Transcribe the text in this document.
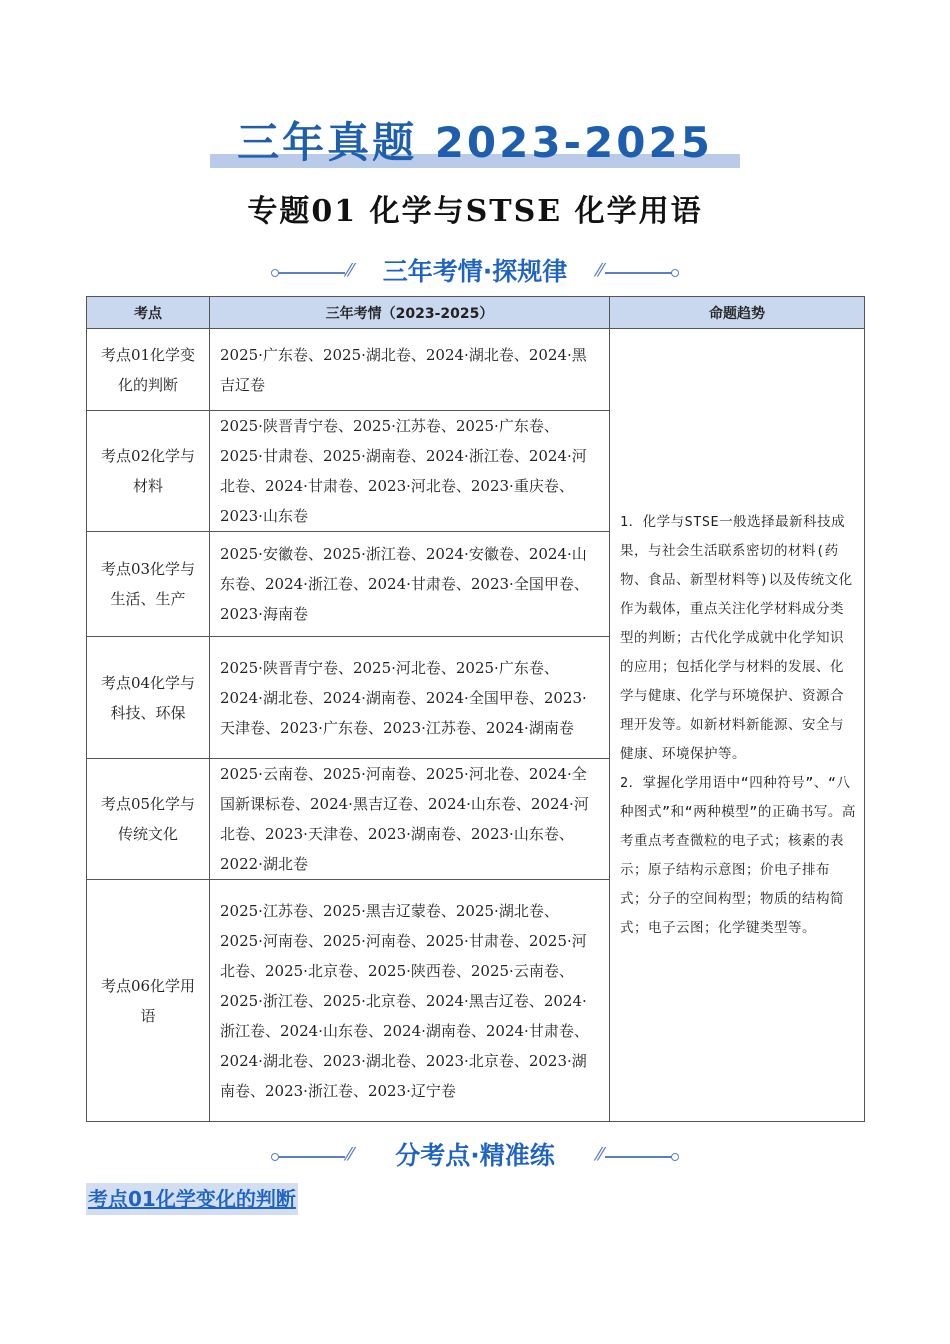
三年真题 2023-2025
专题01 化学与STSE 化学用语
⁄⁄	三年考情·探规律	⁄⁄
考点	三年考情（2023-2025）	命题趋势
考点01化学变化的判断	2025·广东卷、2025·湖北卷、2024·湖北卷、2024·黑吉辽卷	1．化学与STSE一般选择最新科技成果，与社会生活联系密切的材料(药物、食品、新型材料等)以及传统文化作为载体，重点关注化学材料成分类型的判断；古代化学成就中化学知识的应用；包括化学与材料的发展、化学与健康、化学与环境保护、资源合理开发等。如新材料新能源、安全与健康、环境保护等。
2．掌握化学用语中“四种符号”、“八种图式”和“两种模型”的正确书写。高考重点考查微粒的电子式；核素的表示；原子结构示意图；价电子排布式；分子的空间构型；物质的结构简式；电子云图；化学键类型等。

考点02化学与材料	2025·陕晋青宁卷、2025·江苏卷、2025·广东卷、2025·甘肃卷、2025·湖南卷、2024·浙江卷、2024·河北卷、2024·甘肃卷、2023·河北卷、2023·重庆卷、2023·山东卷	
考点03化学与生活、生产	2025·安徽卷、2025·浙江卷、2024·安徽卷、2024·山东卷、2024·浙江卷、2024·甘肃卷、2023·全国甲卷、2023·海南卷	
考点04化学与科技、环保	2025·陕晋青宁卷、2025·河北卷、2025·广东卷、2024·湖北卷、2024·湖南卷、2024·全国甲卷、2023·天津卷、2023·广东卷、2023·江苏卷、2024·湖南卷	
考点05化学与传统文化	2025·云南卷、2025·河南卷、2025·河北卷、2024·全国新课标卷、2024·黑吉辽卷、2024·山东卷、2024·河北卷、2023·天津卷、2023·湖南卷、2023·山东卷、2022·湖北卷	
考点06化学用语	2025·江苏卷、2025·黑吉辽蒙卷、2025·湖北卷、2025·河南卷、2025·河南卷、2025·甘肃卷、2025·河北卷、2025·北京卷、2025·陕西卷、2025·云南卷、2025·浙江卷、2025·北京卷、2024·黑吉辽卷、2024·浙江卷、2024·山东卷、2024·湖南卷、2024·甘肃卷、2024·湖北卷、2023·湖北卷、2023·北京卷、2023·湖南卷、2023·浙江卷、2023·辽宁卷	
⁄⁄	分考点·精准练	⁄⁄
考点01化学变化的判断
